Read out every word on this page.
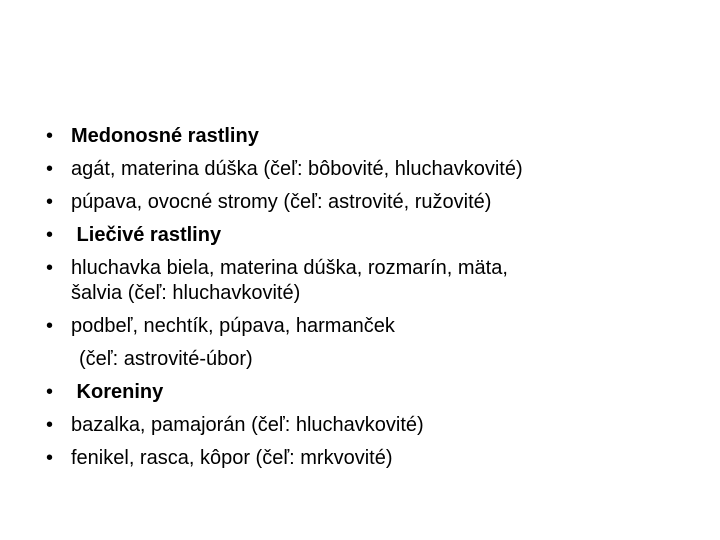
• Medonosné rastliny
• agát, materina dúška (čeľ: bôbovité, hluchavkovité)
• púpava, ovocné stromy (čeľ: astrovité, ružovité)
• Liečivé rastliny
• hluchavka biela, materina dúška, rozmarín, mäta,
šalvia (čeľ: hluchavkovité)
• podbeľ, nechtík, púpava, harmanček
(čeľ: astrovité-úbor)
• Koreniny
• bazalka, pamajorán (čeľ: hluchavkovité)
• fenikel, rasca, kôpor (čeľ: mrkvovité)
